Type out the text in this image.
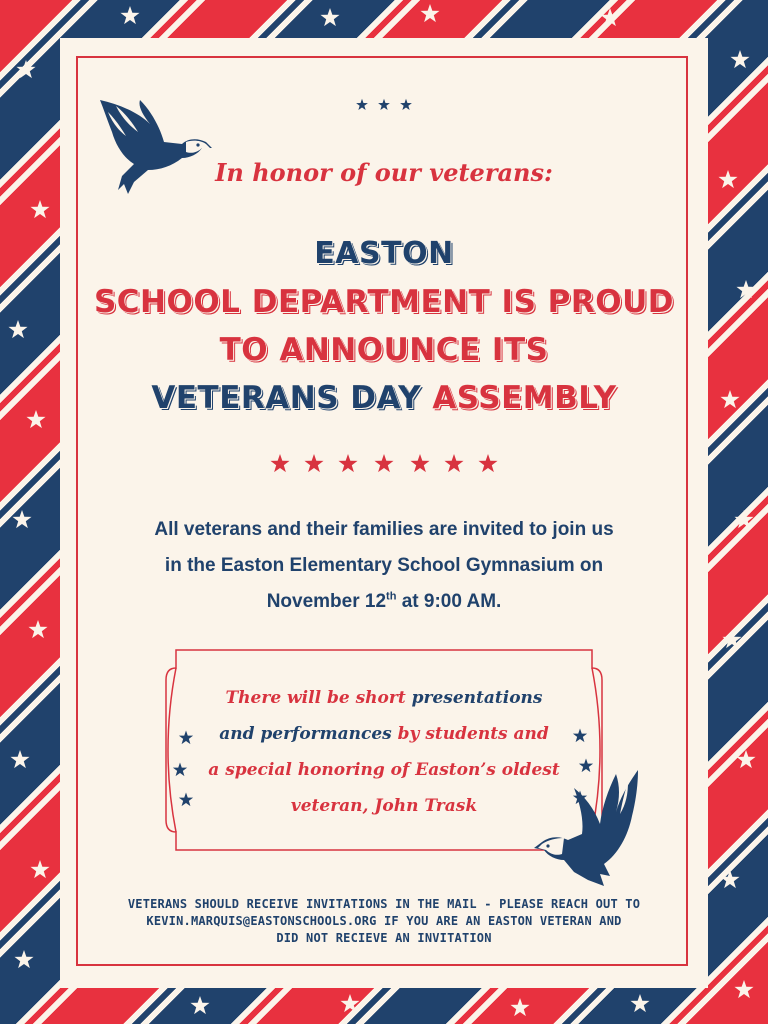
In honor of our veterans:
EASTON
SCHOOL DEPARTMENT IS PROUD
TO ANNOUNCE ITS
VETERANS DAY ASSEMBLY
All veterans and their families are invited to join us
in the Easton Elementary School Gymnasium on
November 12th at 9:00 AM.
There will be short presentations
and performances by students and
a special honoring of Easton’s oldest
veteran, John Trask
VETERANS SHOULD RECEIVE INVITATIONS IN THE MAIL - PLEASE REACH OUT TO
KEVIN.MARQUIS@EASTONSCHOOLS.ORG IF YOU ARE AN EASTON VETERAN AND
DID NOT RECIEVE AN INVITATION
